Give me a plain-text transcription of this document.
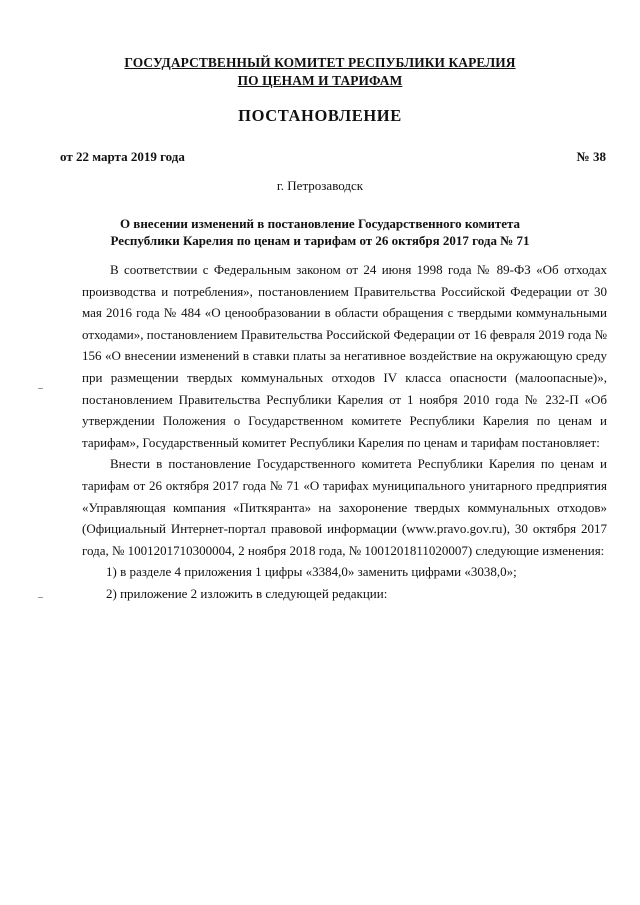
ГОСУДАРСТВЕННЫЙ КОМИТЕТ РЕСПУБЛИКИ КАРЕЛИЯ
ПО ЦЕНАМ И ТАРИФАМ
ПОСТАНОВЛЕНИЕ
от 22 марта 2019 года	№ 38
г. Петрозаводск
О внесении изменений в постановление Государственного комитета
Республики Карелия по ценам и тарифам от 26 октября 2017 года № 71

В соответствии с Федеральным законом от 24 июня 1998 года № 89-ФЗ «Об отходах производства и потребления», постановлением Правительства Российской Федерации от 30 мая 2016 года № 484 «О ценообразовании в области обращения с твердыми коммунальными отходами», постановлением Правительства Российской Федерации от 16 февраля 2019 года № 156 «О внесении изменений в ставки платы за негативное воздействие на окружающую среду при размещении твердых коммунальных отходов IV класса опасности (малоопасные)», постановлением Правительства Республики Карелия от 1 ноября 2010 года № 232-П «Об утверждении Положения о Государственном комитете Республики Карелия по ценам и тарифам», Государственный комитет Республики Карелия по ценам и тарифам постановляет:

Внести в постановление Государственного комитета Республики Карелия по ценам и тарифам от 26 октября 2017 года № 71 «О тарифах муниципального унитарного предприятия «Управляющая компания «Питкяранта» на захоронение твердых коммунальных отходов» (Официальный Интернет-портал правовой информации (www.pravo.gov.ru), 30 октября 2017 года, № 1001201710300004, 2 ноября 2018 года, № 1001201811020007) следующие изменения:

1) в разделе 4 приложения 1 цифры «3384,0» заменить цифрами «3038,0»;

2) приложение 2 изложить в следующей редакции:
